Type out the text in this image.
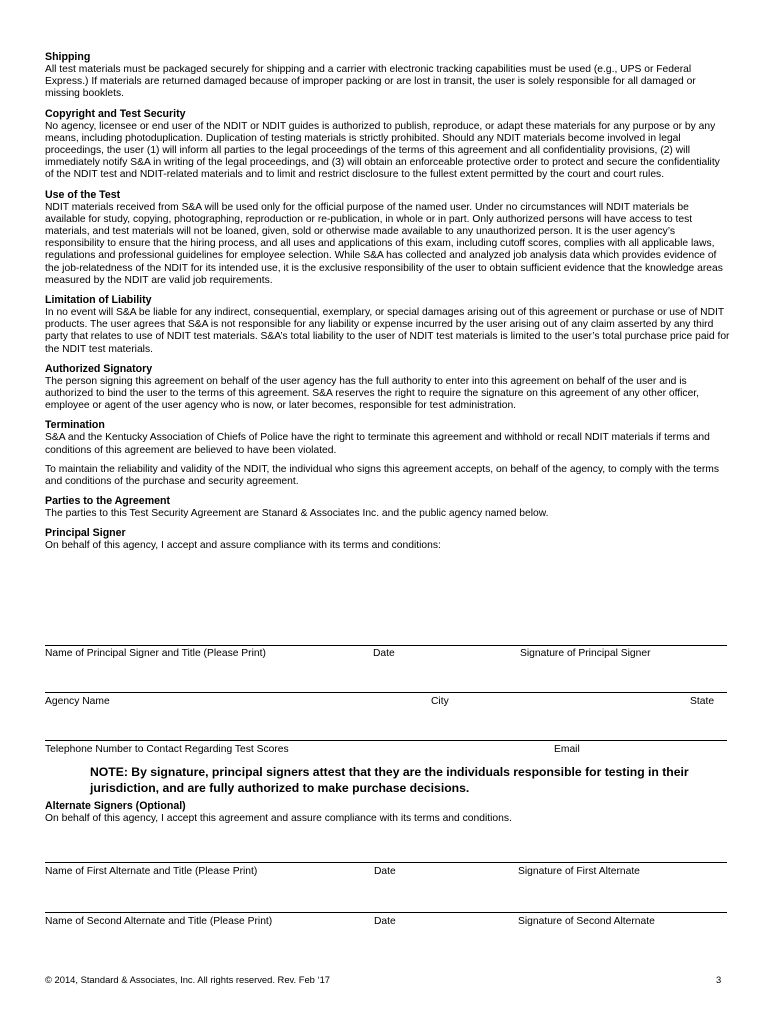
Shipping

All test materials must be packaged securely for shipping and a carrier with electronic tracking capabilities must be used (e.g., UPS or Federal Express.) If materials are returned damaged because of improper packing or are lost in transit, the user is solely responsible for all damaged or missing booklets.

Copyright and Test Security

No agency, licensee or end user of the NDIT or NDIT guides is authorized to publish, reproduce, or adapt these materials for any purpose or by any means, including photoduplication. Duplication of testing materials is strictly prohibited. Should any NDIT materials become involved in legal proceedings, the user (1) will inform all parties to the legal proceedings of the terms of this agreement and all confidentiality provisions, (2) will immediately notify S&A in writing of the legal proceedings, and (3) will obtain an enforceable protective order to protect and secure the confidentiality of the NDIT test and NDIT-related materials and to limit and restrict disclosure to the fullest extent permitted by the court and court rules.

Use of the Test

NDIT materials received from S&A will be used only for the official purpose of the named user. Under no circumstances will NDIT materials be available for study, copying, photographing, reproduction or re-publication, in whole or in part. Only authorized persons will have access to test materials, and test materials will not be loaned, given, sold or otherwise made available to any unauthorized person. It is the user agency’s responsibility to ensure that the hiring process, and all uses and applications of this exam, including cutoff scores, complies with all applicable laws, regulations and professional guidelines for employee selection. While S&A has collected and analyzed job analysis data which provides evidence of the job-relatedness of the NDIT for its intended use, it is the exclusive responsibility of the user to obtain sufficient evidence that the knowledge areas measured by the NDIT are valid job requirements.

Limitation of Liability

In no event will S&A be liable for any indirect, consequential, exemplary, or special damages arising out of this agreement or purchase or use of NDIT products. The user agrees that S&A is not responsible for any liability or expense incurred by the user arising out of any claim asserted by any third party that relates to use of NDIT test materials. S&A’s total liability to the user of NDIT test materials is limited to the user’s total purchase price paid for the NDIT test materials.

Authorized Signatory

The person signing this agreement on behalf of the user agency has the full authority to enter into this agreement on behalf of the user and is authorized to bind the user to the terms of this agreement. S&A reserves the right to require the signature on this agreement of any other officer, employee or agent of the user agency who is now, or later becomes, responsible for test administration.

Termination

S&A and the Kentucky Association of Chiefs of Police have the right to terminate this agreement and withhold or recall NDIT materials if terms and conditions of this agreement are believed to have been violated.

To maintain the reliability and validity of the NDIT, the individual who signs this agreement accepts, on behalf of the agency, to comply with the terms and conditions of the purchase and security agreement.

Parties to the Agreement

The parties to this Test Security Agreement are Stanard & Associates Inc. and the public agency named below.

Principal Signer

On behalf of this agency, I accept and assure compliance with its terms and conditions:

Name of Principal Signer and Title (Please Print)	Date	Signature of Principal Signer
Agency Name	City	State
Telephone Number to Contact Regarding Test Scores	Email
NOTE: By signature, principal signers attest that they are the individuals responsible for testing in their jurisdiction, and are fully authorized to make purchase decisions.

Alternate Signers (Optional)

On behalf of this agency, I accept this agreement and assure compliance with its terms and conditions.

Name of First Alternate and Title (Please Print)	Date	Signature of First Alternate
Name of Second Alternate and Title (Please Print)	Date	Signature of Second Alternate
© 2014, Standard & Associates, Inc. All rights reserved. Rev. Feb ‘17	3
